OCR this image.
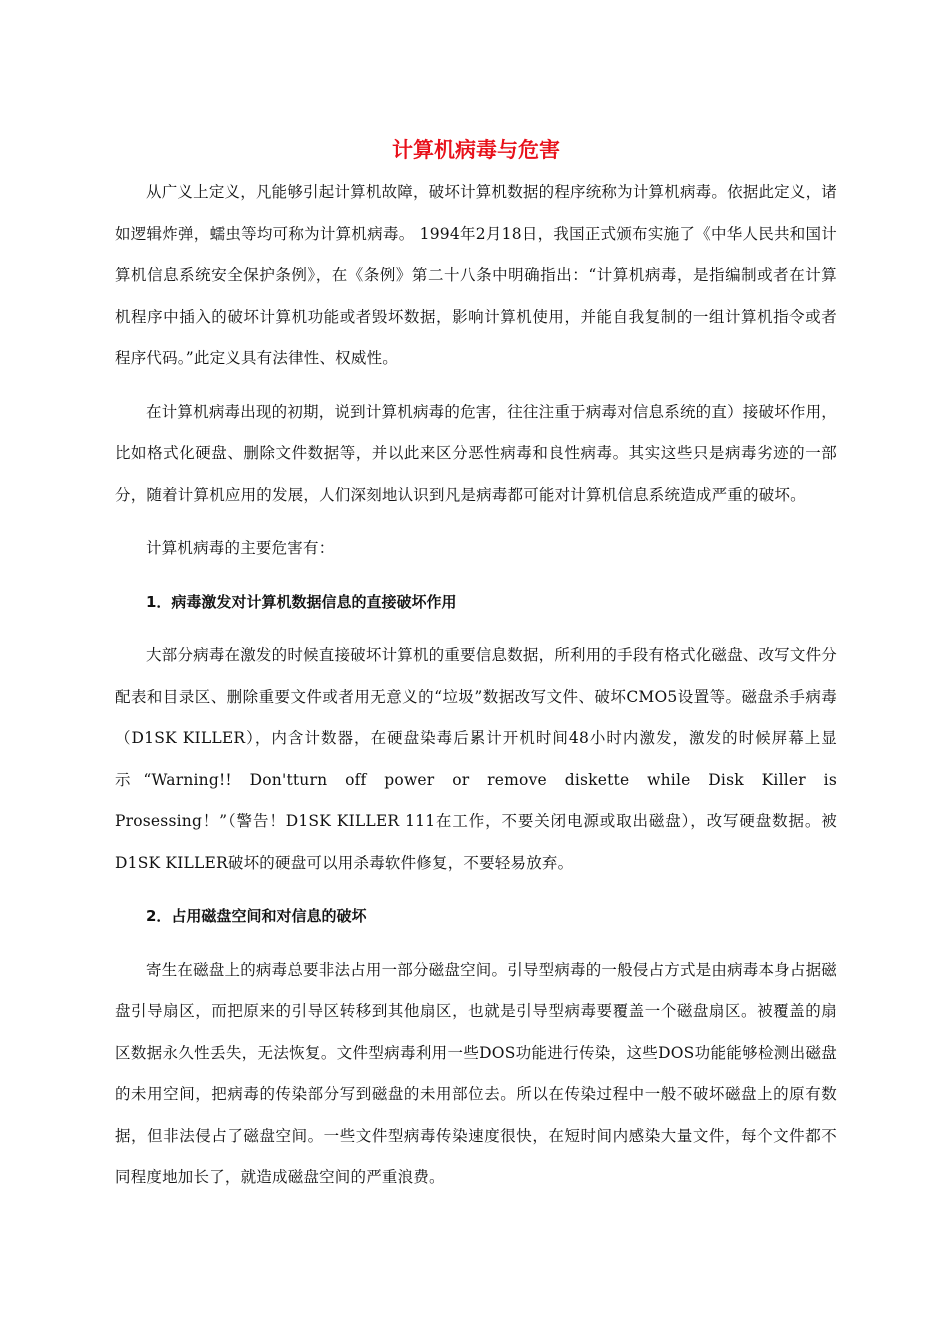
计算机病毒与危害

从广义上定义，凡能够引起计算机故障，破坏计算机数据的程序统称为计算机病毒。依据此定义，诸如逻辑炸弹，蠕虫等均可称为计算机病毒。 1994年2月18日，我国正式颁布实施了《中华人民共和国计算机信息系统安全保护条例》，在《条例》第二十八条中明确指出：“计算机病毒，是指编制或者在计算机程序中插入的破坏计算机功能或者毁坏数据，影响计算机使用，并能自我复制的一组计算机指令或者程序代码。”此定义具有法律性、权威性。

在计算机病毒出现的初期，说到计算机病毒的危害，往往注重于病毒对信息系统的直）接破坏作用，比如格式化硬盘、删除文件数据等，并以此来区分恶性病毒和良性病毒。其实这些只是病毒劣迹的一部分，随着计算机应用的发展，人们深刻地认识到凡是病毒都可能对计算机信息系统造成严重的破坏。

计算机病毒的主要危害有：

1．病毒激发对计算机数据信息的直接破坏作用

大部分病毒在激发的时候直接破坏计算机的重要信息数据，所利用的手段有格式化磁盘、改写文件分配表和目录区、删除重要文件或者用无意义的“垃圾”数据改写文件、破坏CMO5设置等。磁盘杀手病毒（D1SK KILLER），内含计数器，在硬盘染毒后累计开机时间48小时内激发，激发的时候屏幕上显示“Warning!! Don'tturn off power or remove diskette while Disk Killer is Prosessing！”（警告！D1SK KILLER 111在工作，不要关闭电源或取出磁盘），改写硬盘数据。被D1SK KILLER破坏的硬盘可以用杀毒软件修复，不要轻易放弃。

2．占用磁盘空间和对信息的破坏

寄生在磁盘上的病毒总要非法占用一部分磁盘空间。引导型病毒的一般侵占方式是由病毒本身占据磁盘引导扇区，而把原来的引导区转移到其他扇区，也就是引导型病毒要覆盖一个磁盘扇区。被覆盖的扇区数据永久性丢失，无法恢复。文件型病毒利用一些DOS功能进行传染，这些DOS功能能够检测出磁盘的未用空间，把病毒的传染部分写到磁盘的未用部位去。所以在传染过程中一般不破坏磁盘上的原有数据，但非法侵占了磁盘空间。一些文件型病毒传染速度很快，在短时间内感染大量文件，每个文件都不同程度地加长了，就造成磁盘空间的严重浪费。
